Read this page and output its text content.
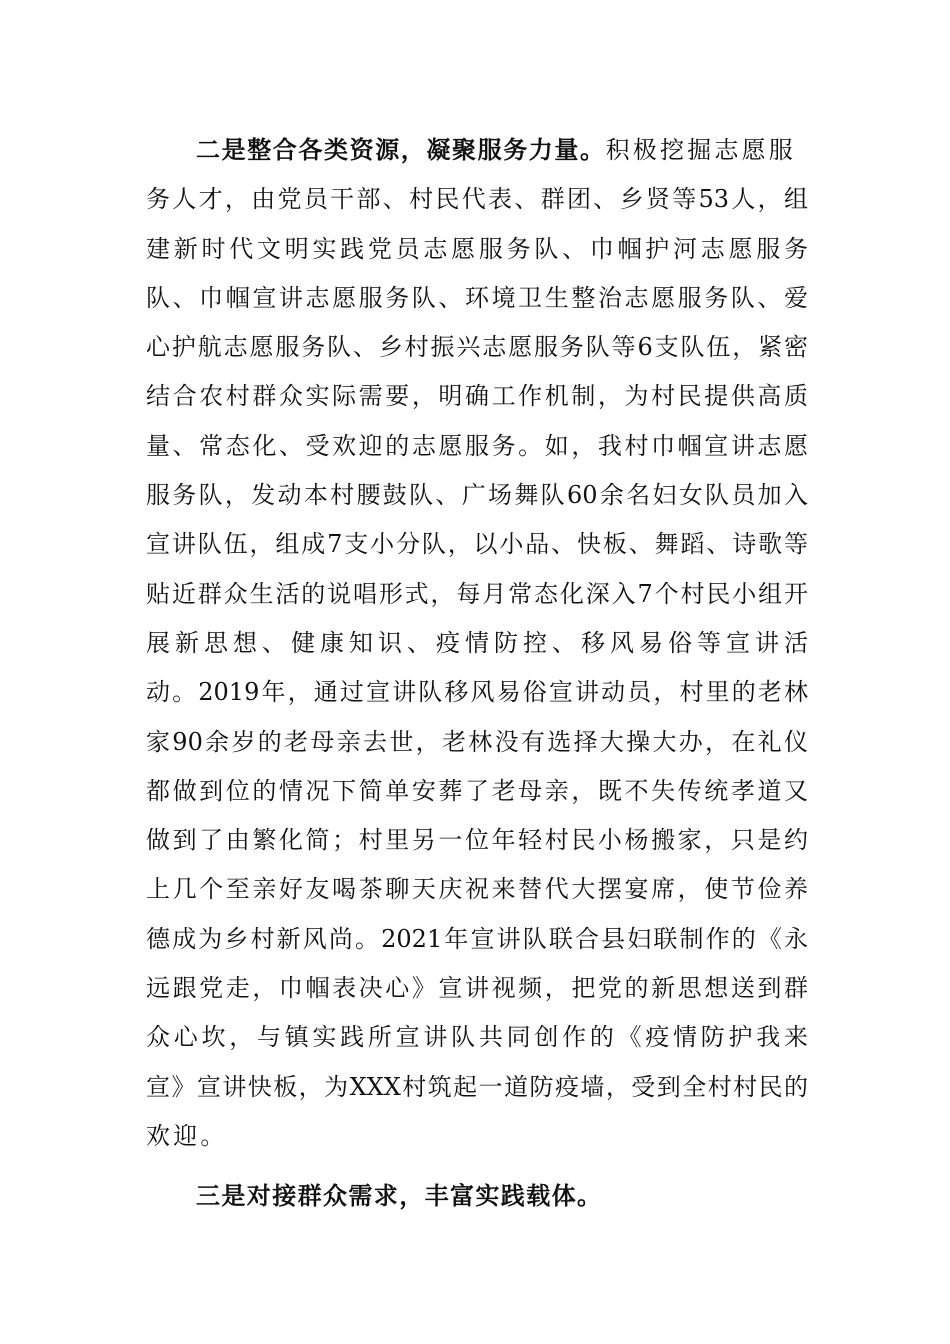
二是整合各类资源，凝聚服务力量。积极挖掘志愿服
务人才，由党员干部、村民代表、群团、乡贤等53人，组
建新时代文明实践党员志愿服务队、巾帼护河志愿服务
队、巾帼宣讲志愿服务队、环境卫生整治志愿服务队、爱
心护航志愿服务队、乡村振兴志愿服务队等6支队伍，紧密
结合农村群众实际需要，明确工作机制，为村民提供高质
量、常态化、受欢迎的志愿服务。如，我村巾帼宣讲志愿
服务队，发动本村腰鼓队、广场舞队60余名妇女队员加入
宣讲队伍，组成7支小分队，以小品、快板、舞蹈、诗歌等
贴近群众生活的说唱形式，每月常态化深入7个村民小组开
展新思想、健康知识、疫情防控、移风易俗等宣讲活
动。2019年，通过宣讲队移风易俗宣讲动员，村里的老林
家90余岁的老母亲去世，老林没有选择大操大办，在礼仪
都做到位的情况下简单安葬了老母亲，既不失传统孝道又
做到了由繁化简；村里另一位年轻村民小杨搬家，只是约
上几个至亲好友喝茶聊天庆祝来替代大摆宴席，使节俭养
德成为乡村新风尚。2021年宣讲队联合县妇联制作的《永
远跟党走，巾帼表决心》宣讲视频，把党的新思想送到群
众心坎，与镇实践所宣讲队共同创作的《疫情防护我来
宣》宣讲快板，为XXX村筑起一道防疫墙，受到全村村民的
欢迎。
三是对接群众需求，丰富实践载体。
